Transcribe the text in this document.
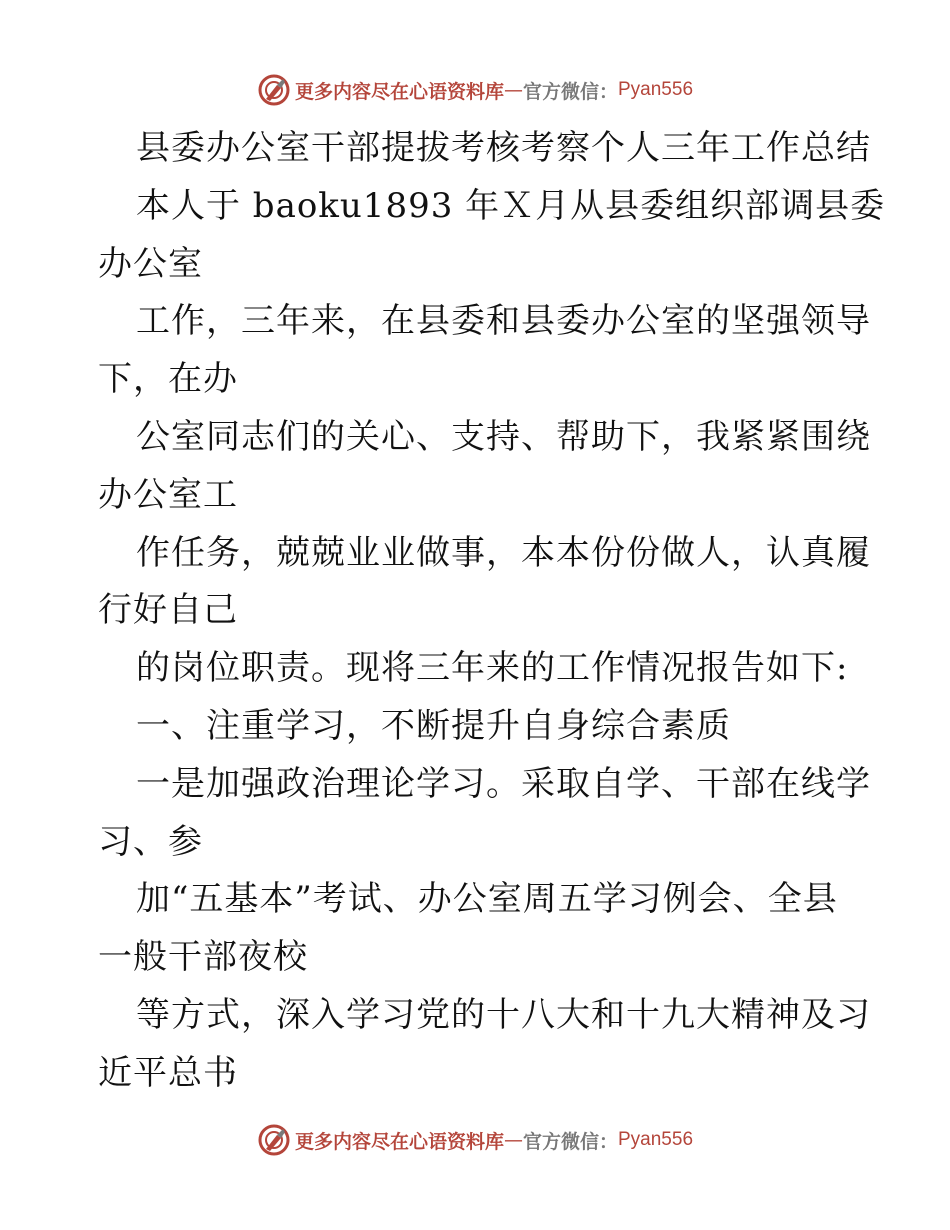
更多内容尽在心语资料库 — 官方微信： Pyan556
县委办公室干部提拔考核考察个人三年工作总结
本人于 baoku1893 年Ｘ月从县委组织部调县委
办公室
工作，三年来，在县委和县委办公室的坚强领导
下，在办
公室同志们的关心、支持、帮助下，我紧紧围绕
办公室工
作任务，兢兢业业做事，本本份份做人，认真履
行好自己
的岗位职责。现将三年来的工作情况报告如下:
一、注重学习，不断提升自身综合素质
一是加强政治理论学习。采取自学、干部在线学
习、参
加“五基本”考试、办公室周五学习例会、全县
一般干部夜校
等方式，深入学习党的十八大和十九大精神及习
近平总书
更多内容尽在心语资料库 — 官方微信： Pyan556
